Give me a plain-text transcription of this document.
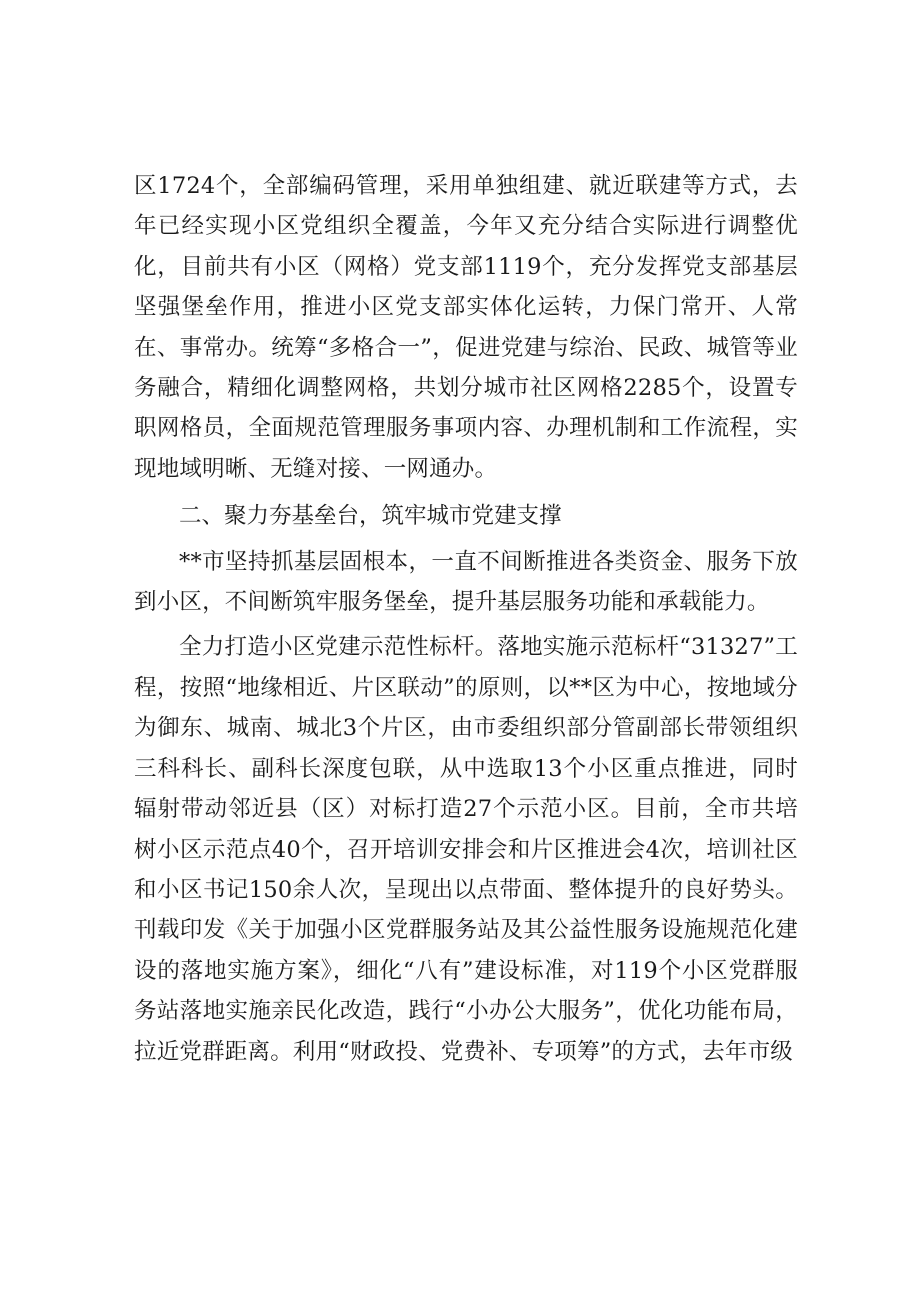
区1724个，全部编码管理，采用单独组建、就近联建等方式，去年已经实现小区党组织全覆盖，今年又充分结合实际进行调整优化，目前共有小区（网格）党支部1119个，充分发挥党支部基层坚强堡垒作用，推进小区党支部实体化运转，力保门常开、人常在、事常办。统筹“多格合一”，促进党建与综治、民政、城管等业务融合，精细化调整网格，共划分城市社区网格2285个，设置专职网格员，全面规范管理服务事项内容、办理机制和工作流程，实现地域明晰、无缝对接、一网通办。

二、聚力夯基垒台，筑牢城市党建支撑

**市坚持抓基层固根本，一直不间断推进各类资金、服务下放到小区，不间断筑牢服务堡垒，提升基层服务功能和承载能力。

全力打造小区党建示范性标杆。落地实施示范标杆“31327”工程，按照“地缘相近、片区联动”的原则，以**区为中心，按地域分为御东、城南、城北3个片区，由市委组织部分管副部长带领组织三科科长、副科长深度包联，从中选取13个小区重点推进，同时辐射带动邻近县（区）对标打造27个示范小区。目前，全市共培树小区示范点40个，召开培训安排会和片区推进会4次，培训社区和小区书记150余人次，呈现出以点带面、整体提升的良好势头。刊载印发《关于加强小区党群服务站及其公益性服务设施规范化建设的落地实施方案》，细化“八有”建设标准，对119个小区党群服务站落地实施亲民化改造，践行“小办公大服务”，优化功能布局，拉近党群距离。利用“财政投、党费补、专项筹”的方式，去年市级
